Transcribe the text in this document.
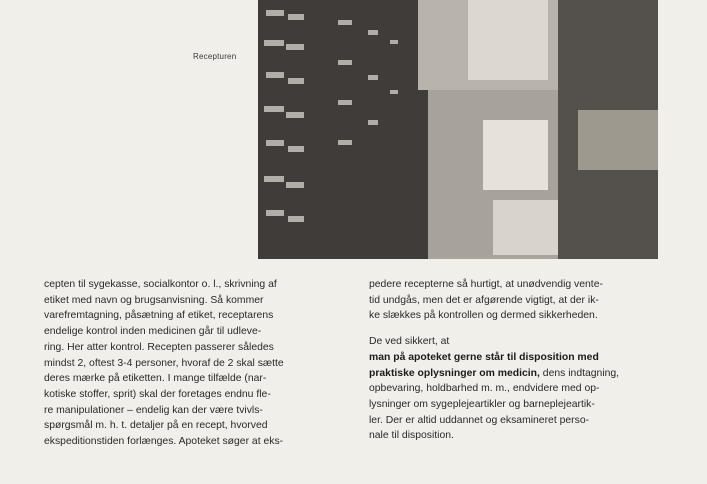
Recepturen

cepten til sygekasse, socialkontor o. l., skrivning af

etiket med navn og brugsanvisning. Så kommer

varefremtagning, påsætning af etiket, receptarens

endelige kontrol inden medicinen går til udleve-

ring. Her atter kontrol. Recepten passerer således

mindst 2, oftest 3-4 personer, hvoraf de 2 skal sætte

deres mærke på etiketten. I mange tilfælde (nar-

kotiske stoffer, sprit) skal der foretages endnu fle-

re manipulationer – endelig kan der være tvivls-

spørgsmål m. h. t. detaljer på en recept, hvorved

ekspeditionstiden forlænges. Apoteket søger at eks-

pedere recepterne så hurtigt, at unødvendig vente-

tid undgås, men det er afgørende vigtigt, at der ik-

ke slækkes på kontrollen og dermed sikkerheden.

De ved sikkert, at

man på apoteket gerne står til disposition med

praktiske oplysninger om medicin, dens indtagning,

opbevaring, holdbarhed m. m., endvidere med op-

lysninger om sygeplejeartikler og barneplejeartik-

ler. Der er altid uddannet og eksamineret perso-

nale til disposition.
